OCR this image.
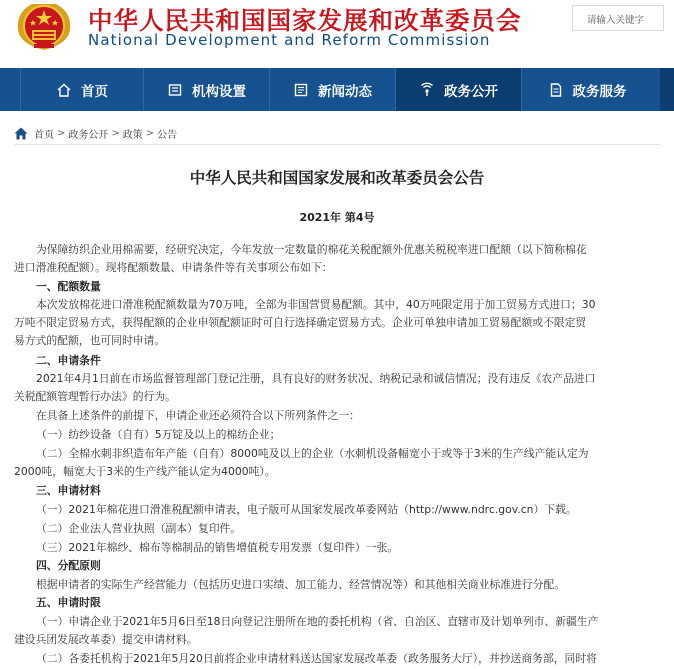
中华人民共和国国家发展和改革委员会
National Development and Reform Commission
请输入关键字
首页	机构设置	新闻动态	政务公开	政务服务
首页 > 政务公开 > 政策 > 公告
中华人民共和国国家发展和改革委员会公告
2021年 第4号
为保障纺织企业用棉需要，经研究决定，今年发放一定数量的棉花关税配额外优惠关税税率进口配额（以下简称棉花
进口滑准税配额）。现将配额数量、申请条件等有关事项公布如下：
一、配额数量
本次发放棉花进口滑准税配额数量为70万吨，全部为非国营贸易配额。其中，40万吨限定用于加工贸易方式进口；30
万吨不限定贸易方式，获得配额的企业申领配额证时可自行选择确定贸易方式。企业可单独申请加工贸易配额或不限定贸
易方式的配额，也可同时申请。
二、申请条件
2021年4月1日前在市场监督管理部门登记注册，具有良好的财务状况、纳税记录和诚信情况；没有违反《农产品进口
关税配额管理暂行办法》的行为。
在具备上述条件的前提下，申请企业还必须符合以下所列条件之一：
（一）纺纱设备（自有）5万锭及以上的棉纺企业；
（二）全棉水刺非织造布年产能（自有）8000吨及以上的企业（水刺机设备幅宽小于或等于3米的生产线产能认定为
2000吨，幅宽大于3米的生产线产能认定为4000吨）。
三、申请材料
（一）2021年棉花进口滑准税配额申请表，电子版可从国家发展改革委网站（http://www.ndrc.gov.cn）下载。
（二）企业法人营业执照（副本）复印件。
（三）2021年棉纱、棉布等棉制品的销售增值税专用发票（复印件）一张。
四、分配原则
根据申请者的实际生产经营能力（包括历史进口实绩、加工能力、经营情况等）和其他相关商业标准进行分配。
五、申请时限
（一）申请企业于2021年5月6日至18日向登记注册所在地的委托机构（省、自治区、直辖市及计划单列市、新疆生产
建设兵团发展改革委）提交申请材料。
（二）各委托机构于2021年5月20日前将企业申请材料送达国家发展改革委（政务服务大厅），并抄送商务部，同时将
